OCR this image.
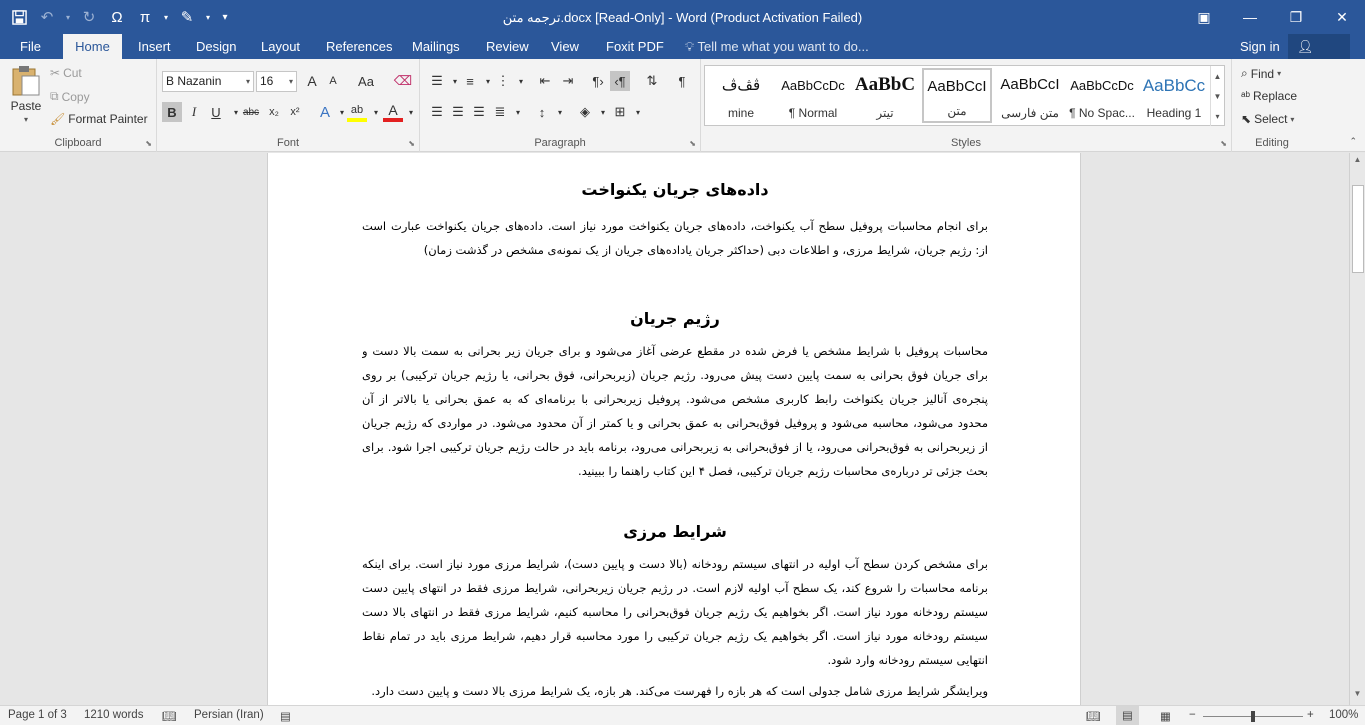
↶	▾ ↻	Ω	π	▾ ✎	▾	▾	ترجمه متن.docx [Read-Only] - Word (Product Activation Failed)	▣	—	❐	✕
File	Home	Insert	Design	Layout	References	Mailings	Review	View	Foxit PDF	💡︎ Tell me what you want to do...	Sign in	👤︎
Paste
▾
✂ Cut
⧉ Copy
🖌︎ Format Painter
Clipboard	⬊
B Nazanin	▾ 16 ▾	A	A	Aa	⌫
B	I	U	▾ abc x₂	x²	A	▾ ab	▾ A	▾
Font	⬊
☰	▾ ≡	▾ ⋮	▾	⇤ ⇥	¶› ‹¶	⇅	¶
☰ ☰ ☰ ≣	▾	↕	▾	◈	▾ ⊞	▾
Paragraph	⬊	Styles	⬊
ﭬﭫﭪ
mine
AaBbCcDc
¶ Normal
AaBbC
تیتر
AaBbCcI
متن
AaBbCcI
متن فارسی
AaBbCcDc
¶ No Spac...
AaBbCc
Heading 1
▲
▼
▾
⌕ Find ▾
ᵃᵇ Replace
⬉ Select ▾
Editing	⌃
داده‌های جریان یکنواخت
برای انجام محاسبات پروفیل سطح آب یکنواخت، داده‌های جریان یکنواخت مورد نیاز است. داده‌های جریان یکنواخت عبارت است
از: رژیم جریان، شرایط مرزی، و اطلاعات دبی (حداکثر جریان یاداده‌های جریان از یک نمونه‌ی مشخص در گذشت زمان)
رژیم جریان
محاسبات پروفیل با شرایط مشخص یا فرض شده در مقطع عرضی آغاز می‌شود و برای جریان زیر بحرانی به سمت بالا دست و
برای جریان فوق بحرانی به سمت پایین دست پیش می‌رود. رژیم جریان (زیربحرانی، فوق بحرانی، یا رژیم جریان ترکیبی) بر روی
پنجره‌ی آنالیز جریان یکنواخت رابط کاربری مشخص می‌شود. پروفیل زیربحرانی با برنامه‌ای که به عمق بحرانی یا بالاتر از آن
محدود می‌شود، محاسبه می‌شود و پروفیل فوق‌بحرانی به عمق بحرانی و یا کمتر از آن محدود می‌شود. در مواردی که رژیم جریان
از زیربحرانی به فوق‌بحرانی می‌رود، یا از فوق‌بحرانی به زیربحرانی می‌رود، برنامه باید در حالت رژیم جریان ترکیبی اجرا شود. برای
بحث جزئی تر درباره‌ی محاسبات رژیم جریان ترکیبی، فصل ۴ این کتاب راهنما را ببینید.
شرایط مرزی
برای مشخص کردن سطح آب اولیه در انتهای سیستم رودخانه (بالا دست و پایین دست)، شرایط مرزی مورد نیاز است. برای اینکه
برنامه محاسبات را شروع کند، یک سطح آب اولیه لازم است. در رژیم جریان زیربحرانی، شرایط مرزی فقط در انتهای پایین دست
سیستم رودخانه مورد نیاز است. اگر بخواهیم یک رژیم جریان فوق‌بحرانی را محاسبه کنیم، شرایط مرزی فقط در انتهای بالا دست
سیستم رودخانه مورد نیاز است. اگر بخواهیم یک رژیم جریان ترکیبی را مورد محاسبه قرار دهیم، شرایط مرزی باید در تمام نقاط
انتهایی سیستم رودخانه وارد شود.
ویرایشگر شرایط مرزی شامل جدولی است که هر بازه را فهرست می‌کند. هر بازه، یک شرایط مرزی بالا دست و پایین دست دارد.
▲
▼
Page 1 of 3 1210 words 📖︎ Persian (Iran) ▤	📖︎	▤	▦ −	+ 100%
